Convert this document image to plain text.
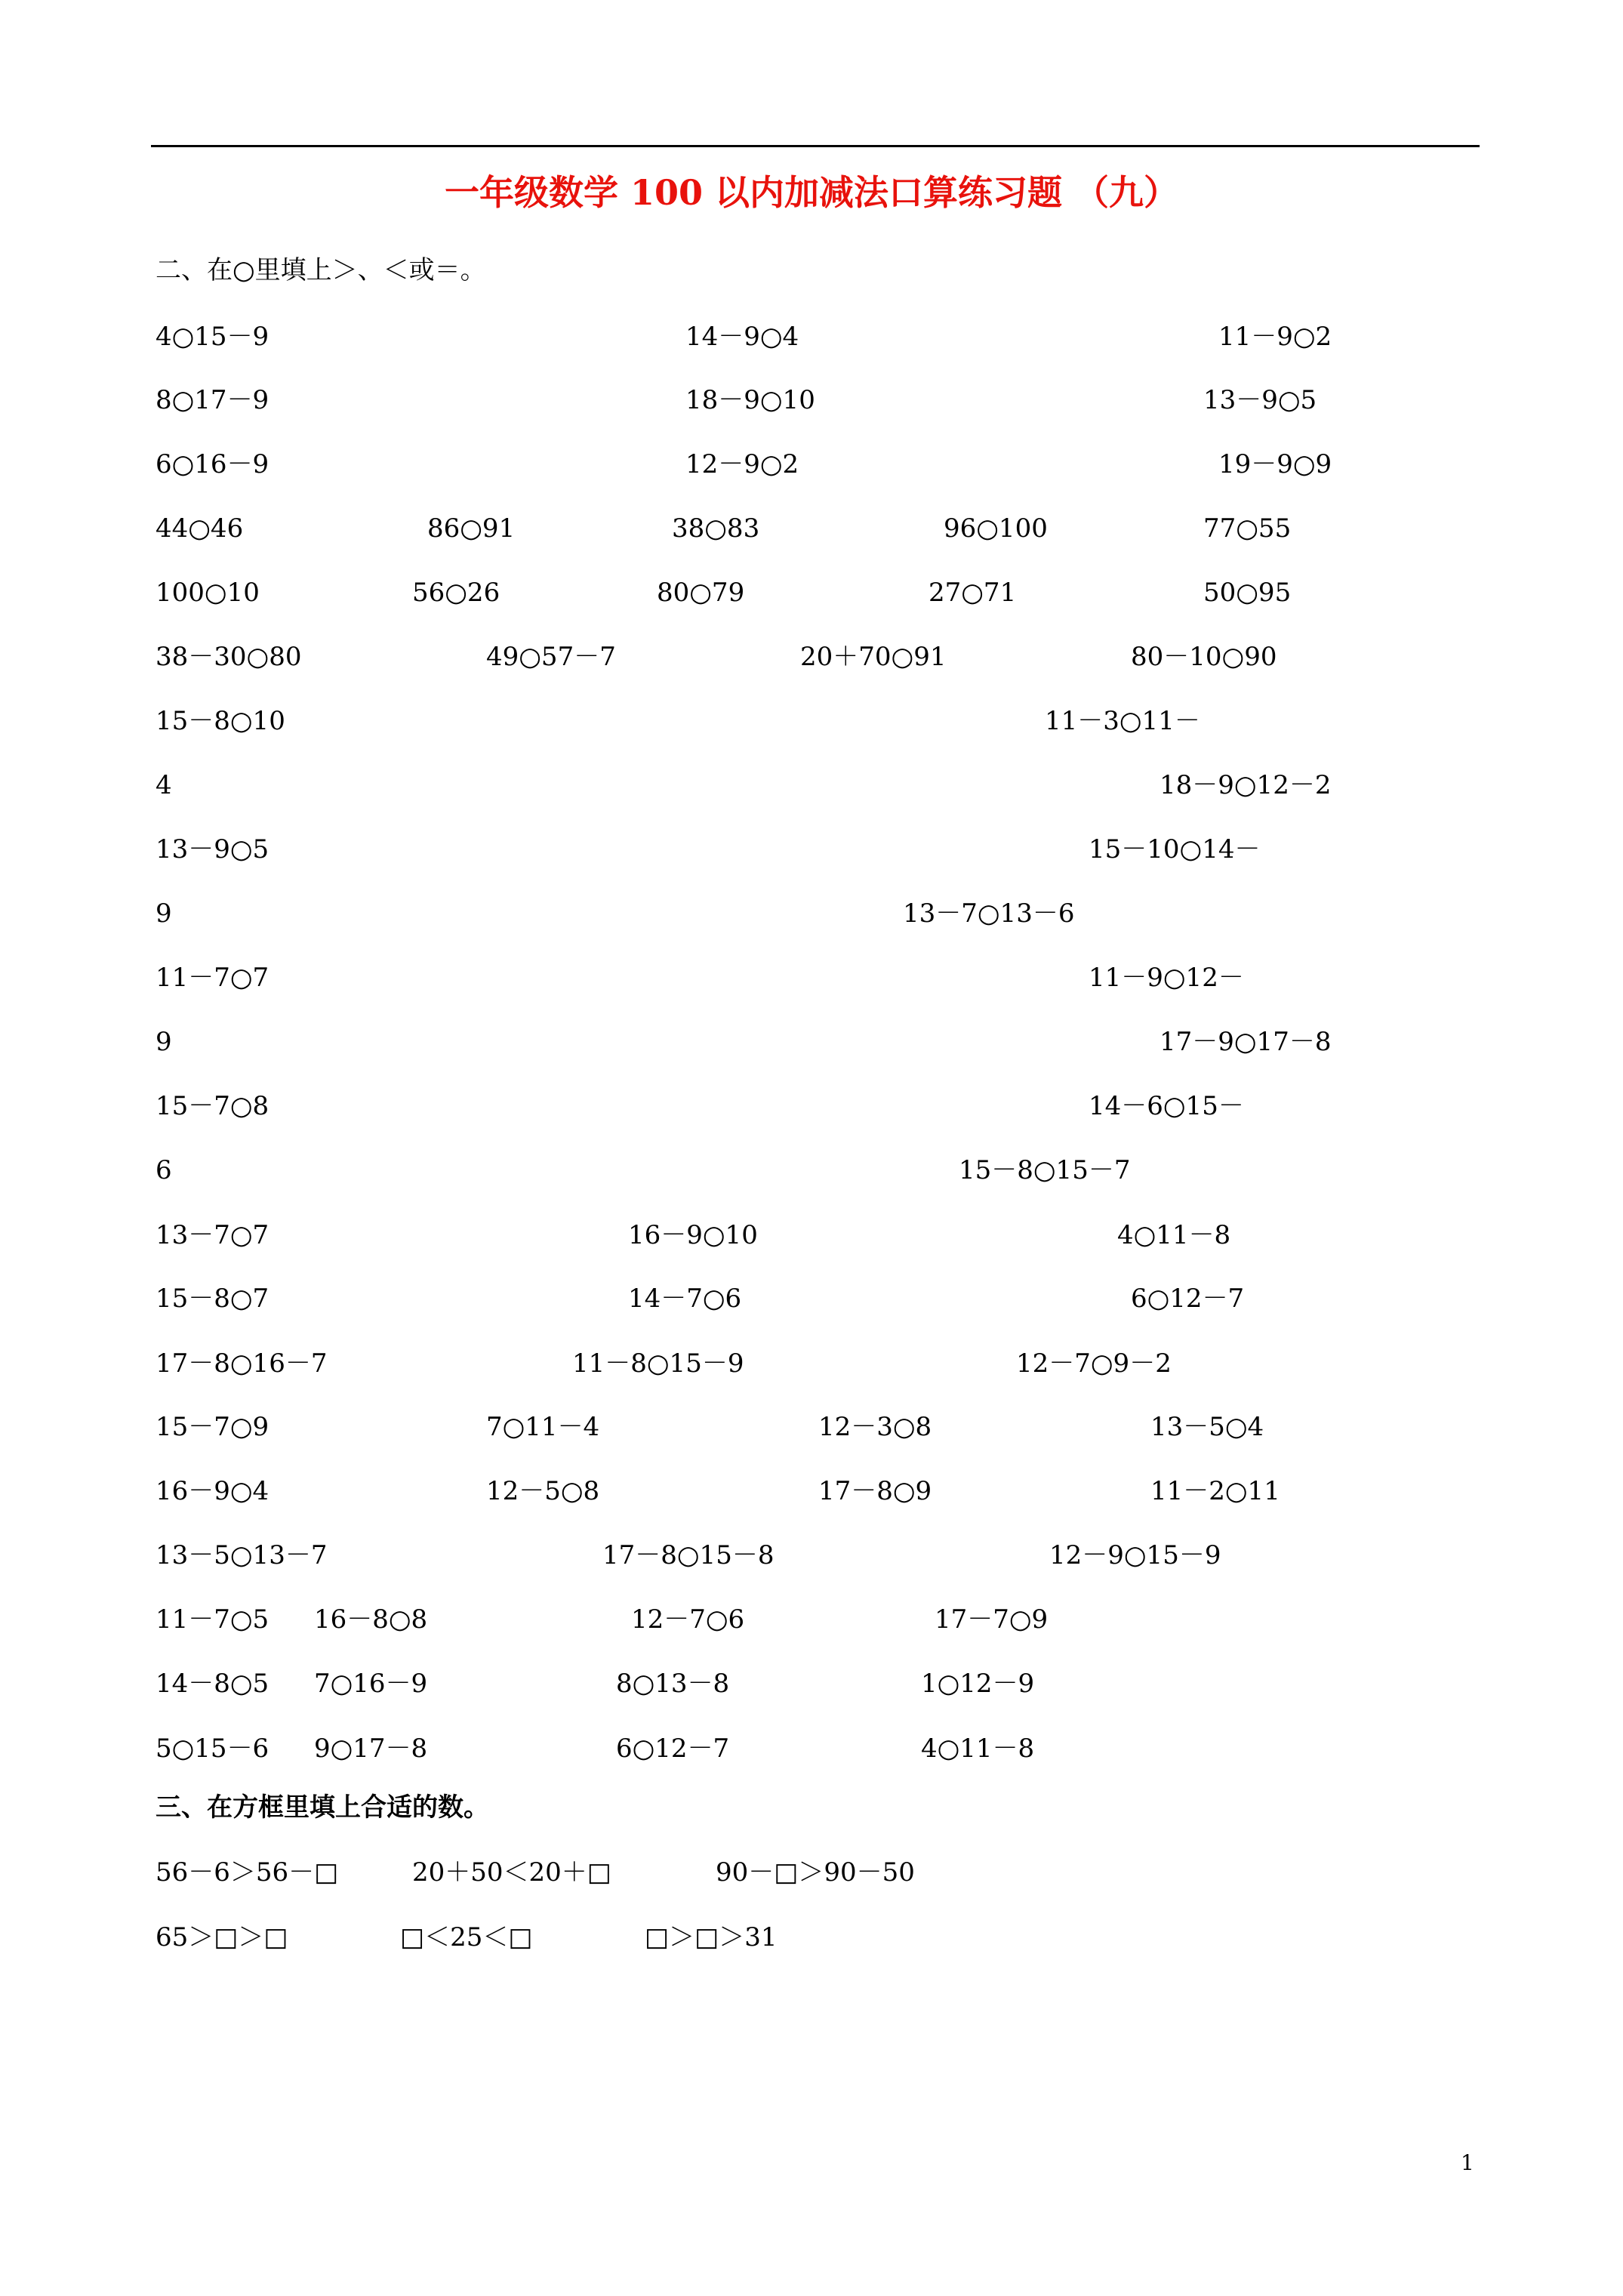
一年级数学 100 以内加减法口算练习题 （九）
二、在○里填上＞、＜或＝。
4○15－9	14－9○4	11－9○2
8○17－9	18－9○10	13－9○5
6○16－9	12－9○2	19－9○9
44○46	86○91	38○83	96○100	77○55
100○10	56○26	80○79	27○71	50○95
38－30○80	49○57－7	20＋70○91	80－10○90
15－8○10	11－3○11－
4	18－9○12－2
13－9○5	15－10○14－
9	13－7○13－6
11－7○7	11－9○12－
9	17－9○17－8
15－7○8	14－6○15－
6	15－8○15－7
13－7○7	16－9○10	4○11－8
15－8○7	14－7○6	6○12－7
17－8○16－7	11－8○15－9	12－7○9－2
15－7○9	7○11－4	12－3○8	13－5○4
16－9○4	12－5○8	17－8○9	11－2○11
13－5○13－7	17－8○15－8	12－9○15－9
11－7○5 16－8○8	12－7○6	17－7○9
14－8○5 7○16－9	8○13－8	1○12－9
5○15－6 9○17－8	6○12－7	4○11－8
三、在方框里填上合适的数。
56－6＞56－□	20＋50＜20＋□	90－□＞90－50
65＞□＞□	□＜25＜□	□＞□＞31
1
